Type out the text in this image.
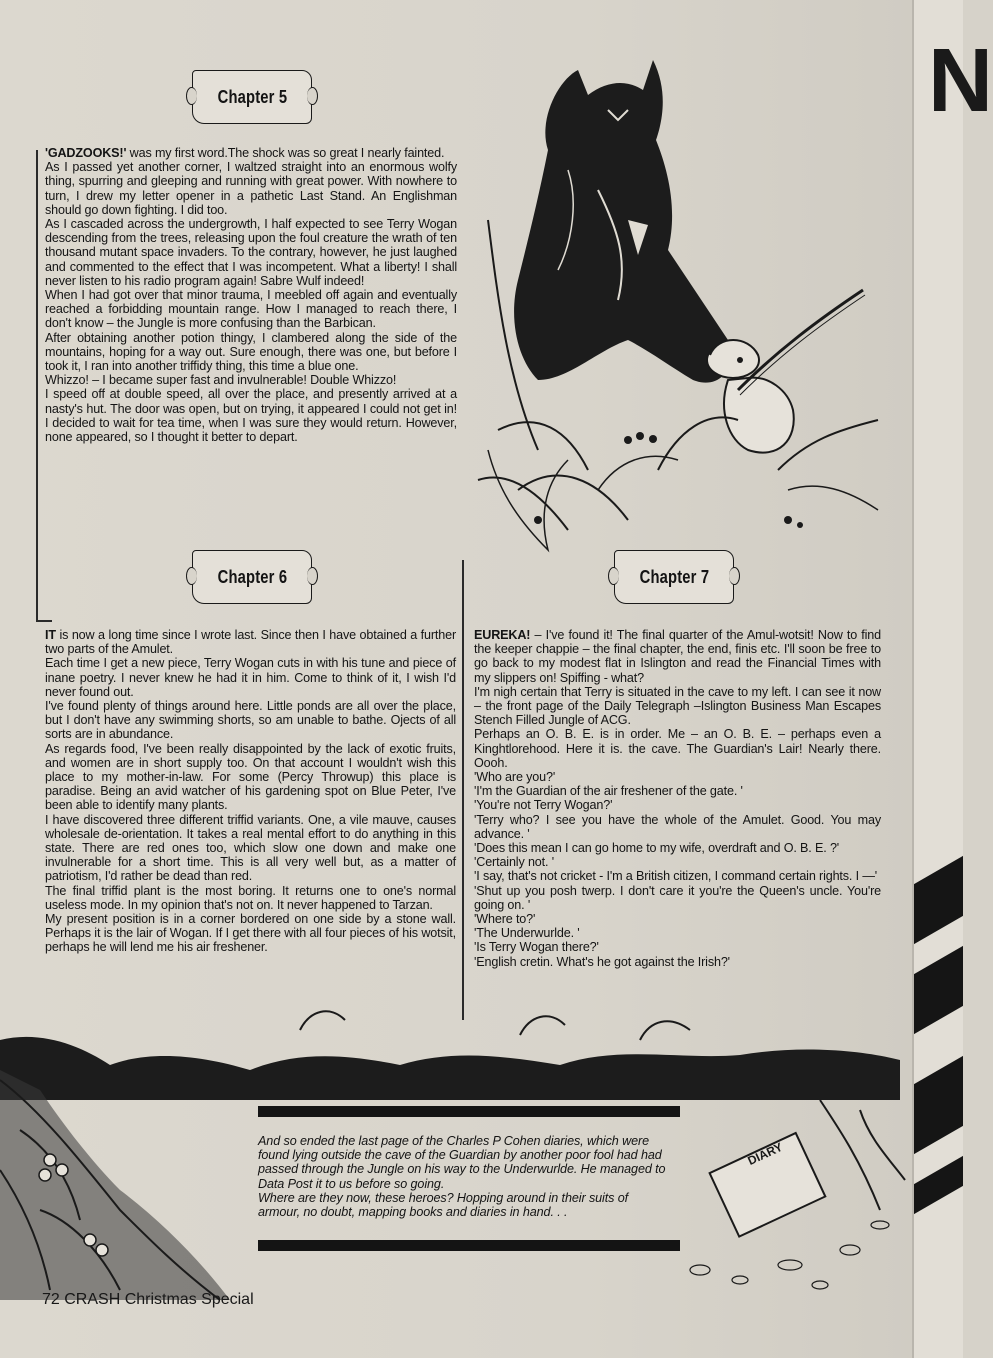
N
Chapter 5

'GADZOOKS!' was my first word.The shock was so great I nearly fainted.

As I passed yet another corner, I waltzed straight into an enormous wolfy thing, spurring and gleeping and running with great power. With nowhere to turn, I drew my letter opener in a pathetic Last Stand. An Englishman should go down fighting. I did too.

As I cascaded across the undergrowth, I half expected to see Terry Wogan descending from the trees, releasing upon the foul creature the wrath of ten thousand mutant space invaders. To the contrary, however, he just laughed and commented to the effect that I was incompetent. What a liberty! I shall never listen to his radio program again! Sabre Wulf indeed!

When I had got over that minor trauma, I meebled off again and eventually reached a forbidding mountain range. How I managed to reach there, I don't know – the Jungle is more confusing than the Barbican.

After obtaining another potion thingy, I clambered along the side of the mountains, hoping for a way out. Sure enough, there was one, but before I took it, I ran into another triffidy thing, this time a blue one.

Whizzo! – I became super fast and invulnerable! Double Whizzo!

I speed off at double speed, all over the place, and presently arrived at a nasty's hut. The door was open, but on trying, it appeared I could not get in! I decided to wait for tea time, when I was sure they would return. However, none appeared, so I thought it better to depart.

Chapter 6	Chapter 7

IT is now a long time since I wrote last. Since then I have obtained a further two parts of the Amulet.

Each time I get a new piece, Terry Wogan cuts in with his tune and piece of inane poetry. I never knew he had it in him. Come to think of it, I wish I'd never found out.

I've found plenty of things around here. Little ponds are all over the place, but I don't have any swimming shorts, so am unable to bathe. Ojects of all sorts are in abundance.

As regards food, I've been really disappointed by the lack of exotic fruits, and women are in short supply too. On that account I wouldn't wish this place to my mother-in-law. For some (Percy Throwup) this place is paradise. Being an avid watcher of his gardening spot on Blue Peter, I've been able to identify many plants.

I have discovered three different triffid variants. One, a vile mauve, causes wholesale de-orientation. It takes a real mental effort to do anything in this state. There are red ones too, which slow one down and make one invulnerable for a short time. This is all very well but, as a matter of patriotism, I'd rather be dead than red.

The final triffid plant is the most boring. It returns one to one's normal useless mode. In my opinion that's not on. It never happened to Tarzan.

My present position is in a corner bordered on one side by a stone wall. Perhaps it is the lair of Wogan. If I get there with all four pieces of his wotsit, perhaps he will lend me his air freshener.

EUREKA! – I've found it! The final quarter of the Amul-wotsit! Now to find the keeper chappie – the final chapter, the end, finis etc. I'll soon be free to go back to my modest flat in Islington and read the Financial Times with my slippers on! Spiffing - what?

I'm nigh certain that Terry is situated in the cave to my left. I can see it now – the front page of the Daily Telegraph –Islington Business Man Escapes Stench Filled Jungle of ACG.

Perhaps an O. B. E. is in order. Me – an O. B. E. – perhaps even a Kinghtlorehood. Here it is. the cave. The Guardian's Lair! Nearly there. Oooh.

'Who are you?'

'I'm the Guardian of the air freshener of the gate. '

'You're not Terry Wogan?'

'Terry who? I see you have the whole of the Amulet. Good. You may advance. '

'Does this mean I can go home to my wife, overdraft and O. B. E. ?'

'Certainly not. '

'I say, that's not cricket - I'm a British citizen, I command certain rights. I —'

'Shut up you posh twerp. I don't care it you're the Queen's uncle. You're going on. '

'Where to?'

'The Underwurlde. '

'Is Terry Wogan there?'

'English cretin. What's he got against the Irish?'

DIARY

And so ended the last page of the Charles P Cohen diaries, which were found lying outside the cave of the Guardian by another poor fool had had passed through the Jungle on his way to the Underwurlde. He managed to Data Post it to us before so going.

Where are they now, these heroes? Hopping around in their suits of armour, no doubt, mapping books and diaries in hand. . .

72 CRASH Christmas Special
